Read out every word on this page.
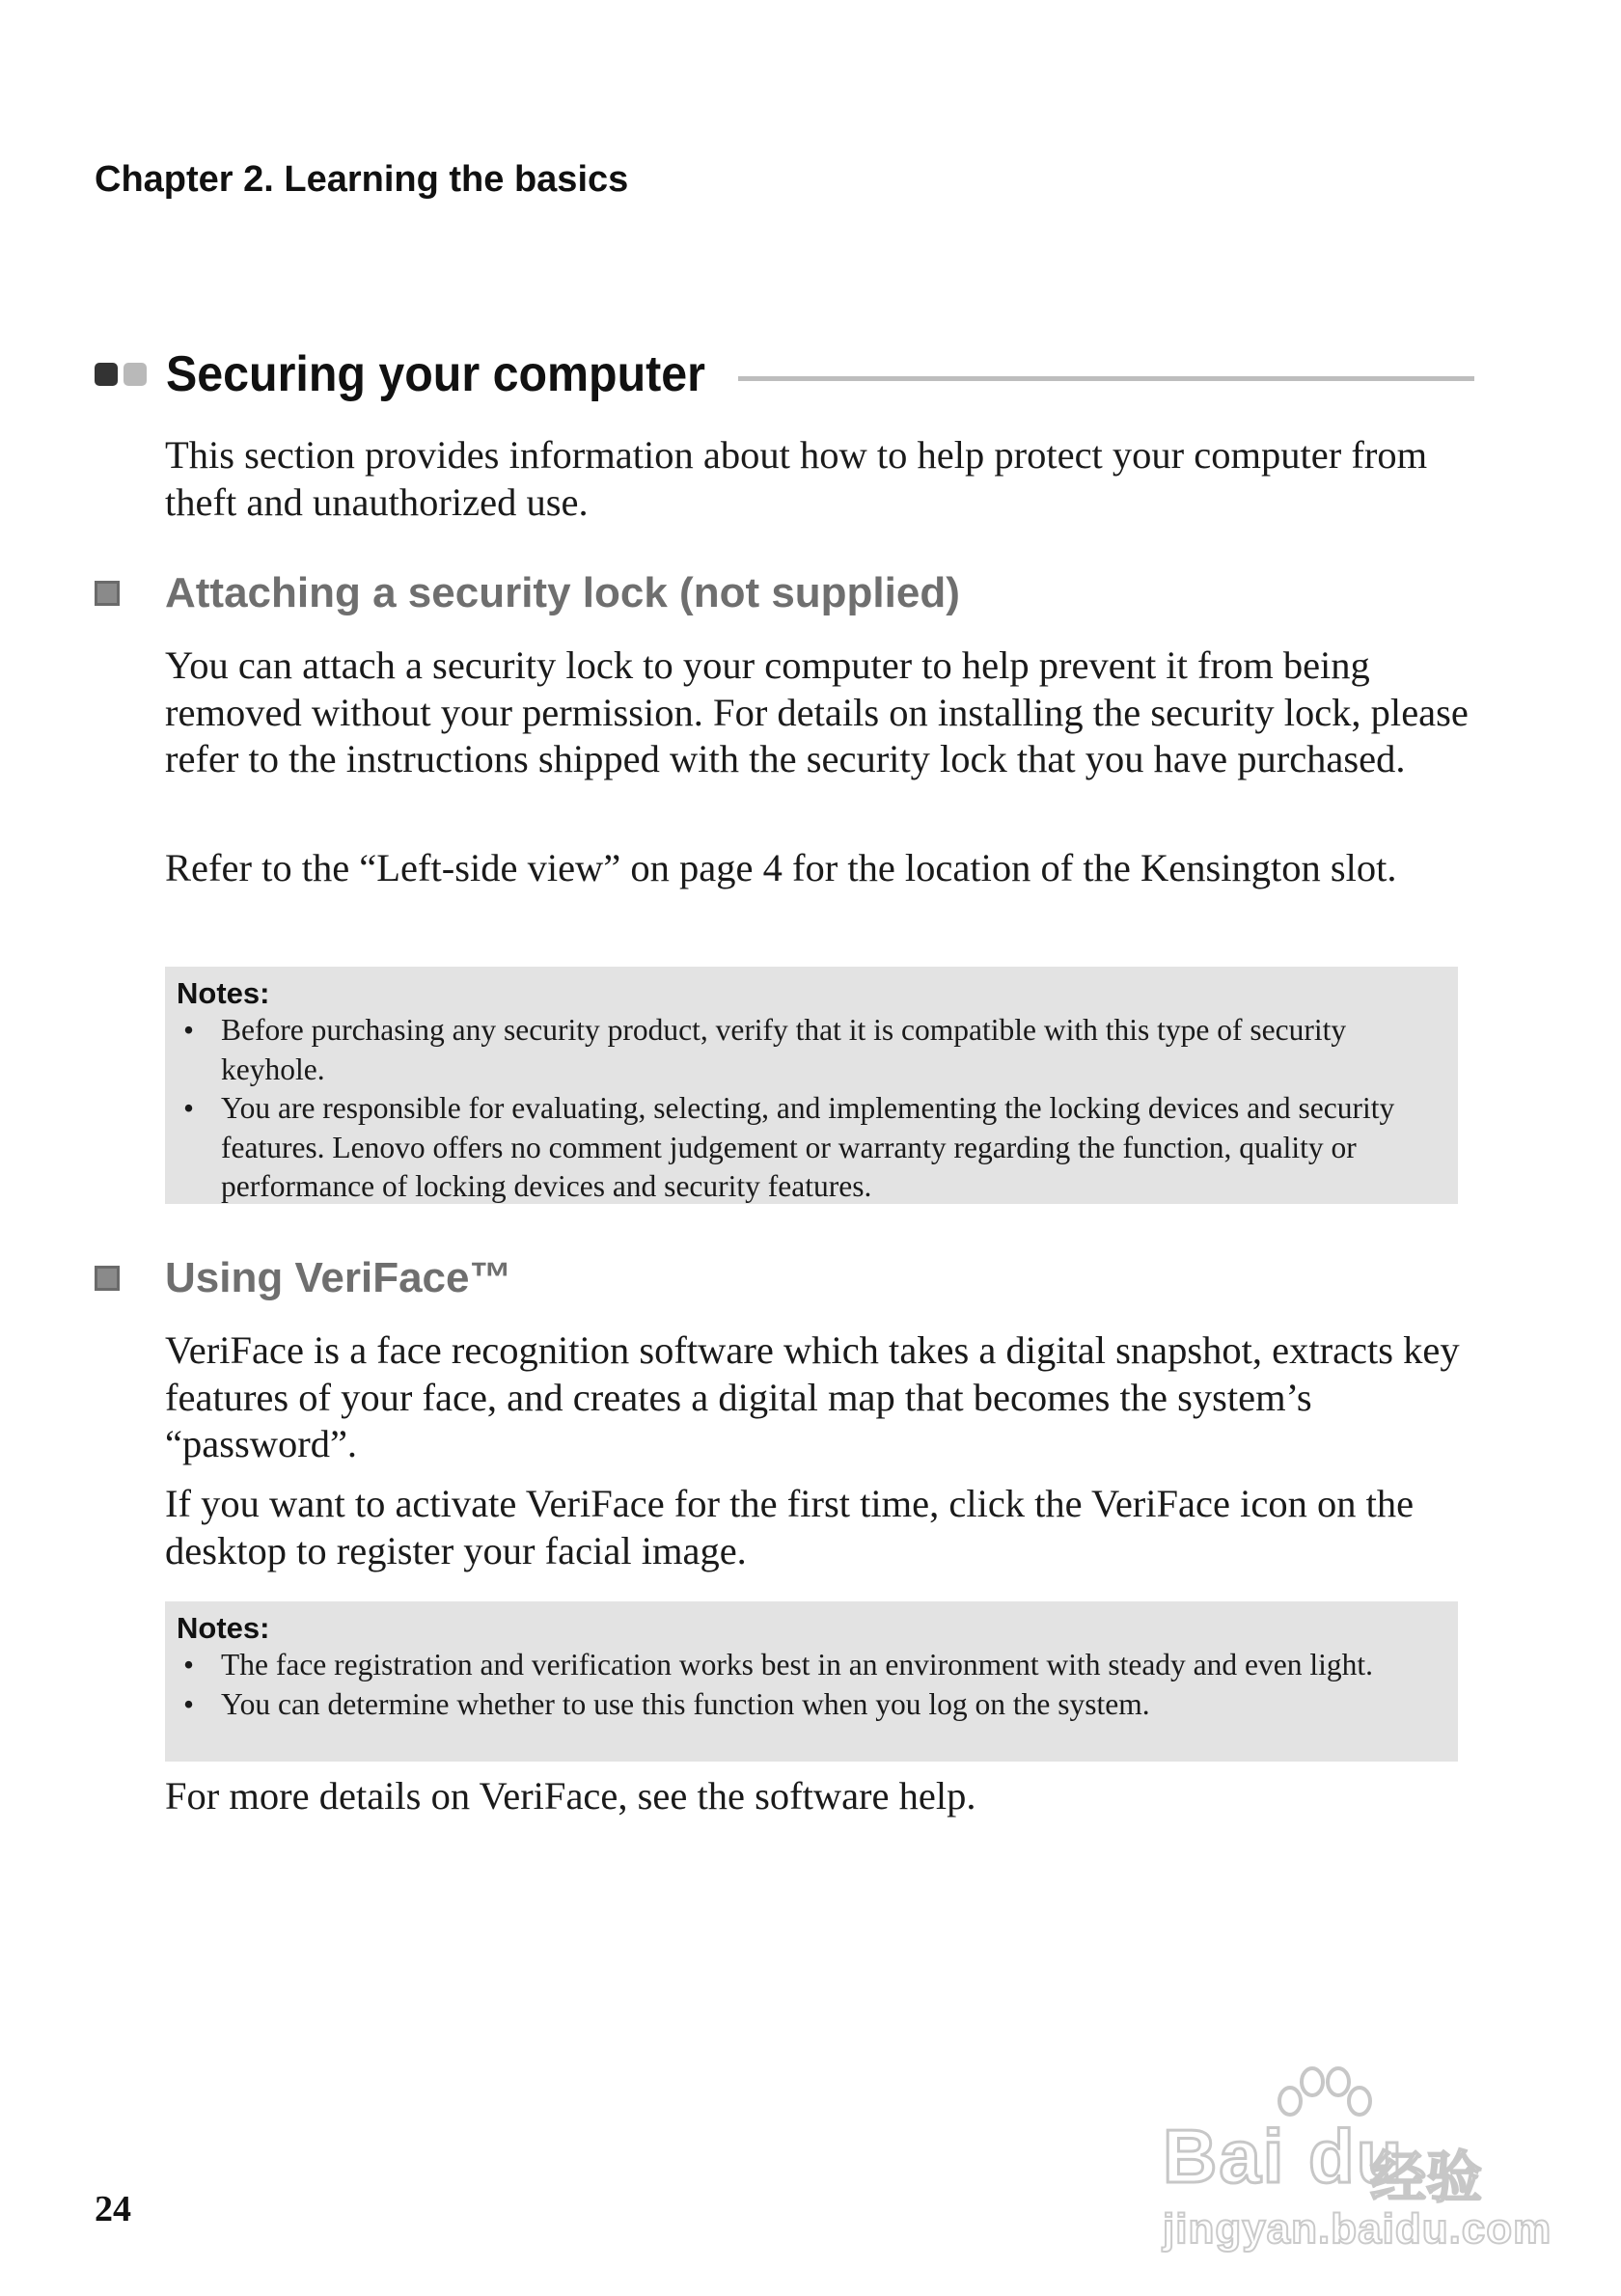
Chapter 2. Learning the basics
Securing your computer
This section provides information about how to help protect your computer from theft and unauthorized use.
Attaching a security lock (not supplied)
You can attach a security lock to your computer to help prevent it from being removed without your permission. For details on installing the security lock, please refer to the instructions shipped with the security lock that you have purchased.
Refer to the “Left-side view” on page 4 for the location of the Kensington slot.
Notes:
• Before purchasing any security product, verify that it is compatible with this type of security keyhole.
• You are responsible for evaluating, selecting, and implementing the locking devices and security features. Lenovo offers no comment judgement or warranty regarding the function, quality or performance of locking devices and security features.
Using VeriFace™
VeriFace is a face recognition software which takes a digital snapshot, extracts key features of your face, and creates a digital map that becomes the system’s “password”.
If you want to activate VeriFace for the first time, click the VeriFace icon on the desktop to register your facial image.
Notes:
• The face registration and verification works best in an environment with steady and even light.
• You can determine whether to use this function when you log on the system.
For more details on VeriFace, see the software help.
24
Bai du
经验
jingyan.baidu.com
